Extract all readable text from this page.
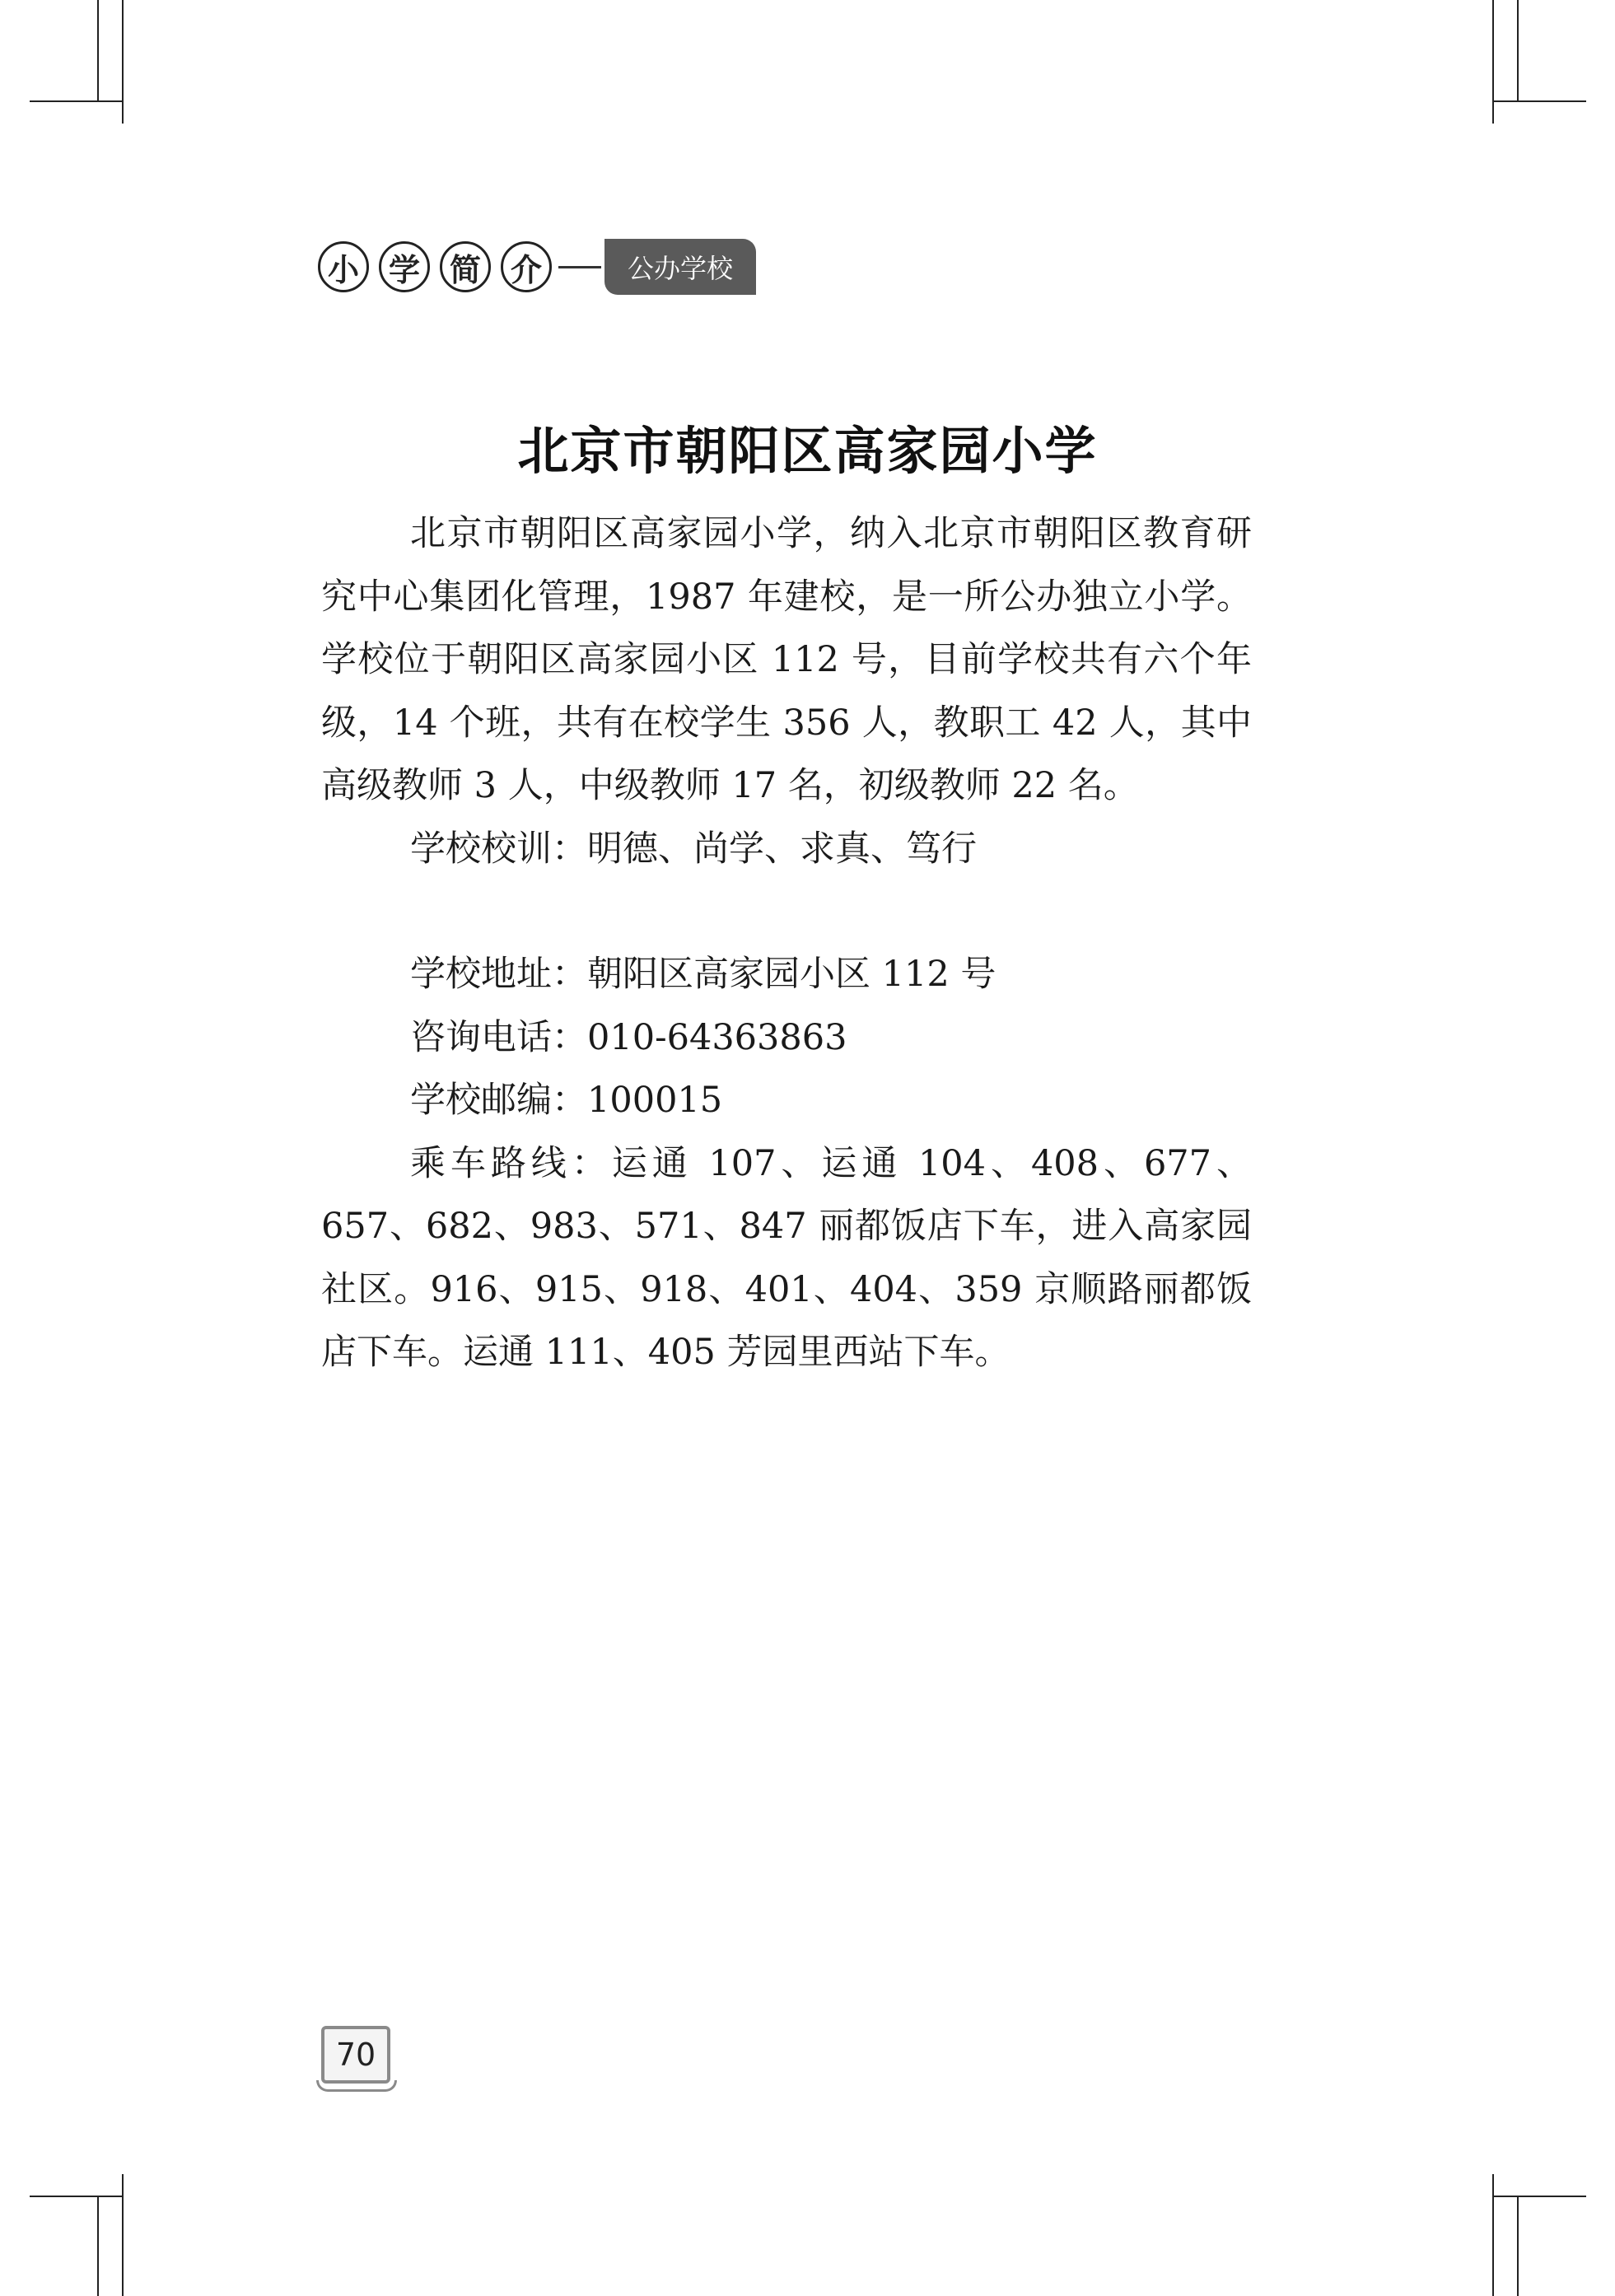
小 学 简 介	公办学校
北京市朝阳区高家园小学

北京市朝阳区高家园小学，纳入北京市朝阳区教育研究中心集团化管理，1987 年建校，是一所公办独立小学。学校位于朝阳区高家园小区 112 号，目前学校共有六个年级，14 个班，共有在校学生 356 人，教职工 42 人，其中高级教师 3 人，中级教师 17 名，初级教师 22 名。

学校校训：明德、尚学、求真、笃行

学校地址：朝阳区高家园小区 112 号

咨询电话：010-64363863

学校邮编：100015

乘车路线：运通 107、运通 104、408、677、657、682、983、571、847 丽都饭店下车，进入高家园社区。916、915、918、401、404、359 京顺路丽都饭店下车。运通 111、405 芳园里西站下车。

70
